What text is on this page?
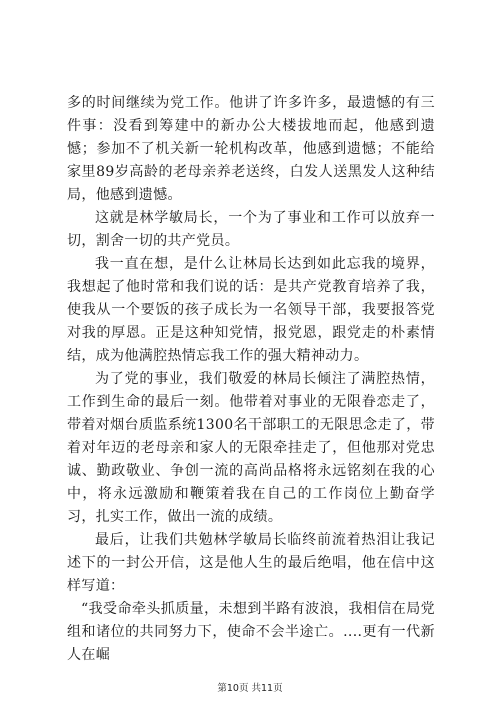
多的时间继续为党工作。他讲了许多许多，最遗憾的有三件事：没看到筹建中的新办公大楼拔地而起，他感到遗憾；参加不了机关新一轮机构改革，他感到遗憾；不能给家里89岁高龄的老母亲养老送终，白发人送黑发人这种结局，他感到遗憾。

这就是林学敏局长，一个为了事业和工作可以放弃一切，割舍一切的共产党员。

我一直在想，是什么让林局长达到如此忘我的境界，我想起了他时常和我们说的话：是共产党教育培养了我，使我从一个要饭的孩子成长为一名领导干部，我要报答党对我的厚恩。正是这种知党情，报党恩，跟党走的朴素情结，成为他满腔热情忘我工作的强大精神动力。

为了党的事业，我们敬爱的林局长倾注了满腔热情，工作到生命的最后一刻。他带着对事业的无限眷恋走了，带着对烟台质监系统1300名干部职工的无限思念走了，带着对年迈的老母亲和家人的无限牵挂走了，但他那对党忠诚、勤政敬业、争创一流的高尚品格将永远铭刻在我的心中，将永远激励和鞭策着我在自己的工作岗位上勤奋学习，扎实工作，做出一流的成绩。

最后，让我们共勉林学敏局长临终前流着热泪让我记述下的一封公开信，这是他人生的最后绝唱，他在信中这样写道：

“我受命牵头抓质量，未想到半路有波浪，我相信在局党组和诸位的共同努力下，使命不会半途亡。....更有一代新人在崛

第10页 共11页
